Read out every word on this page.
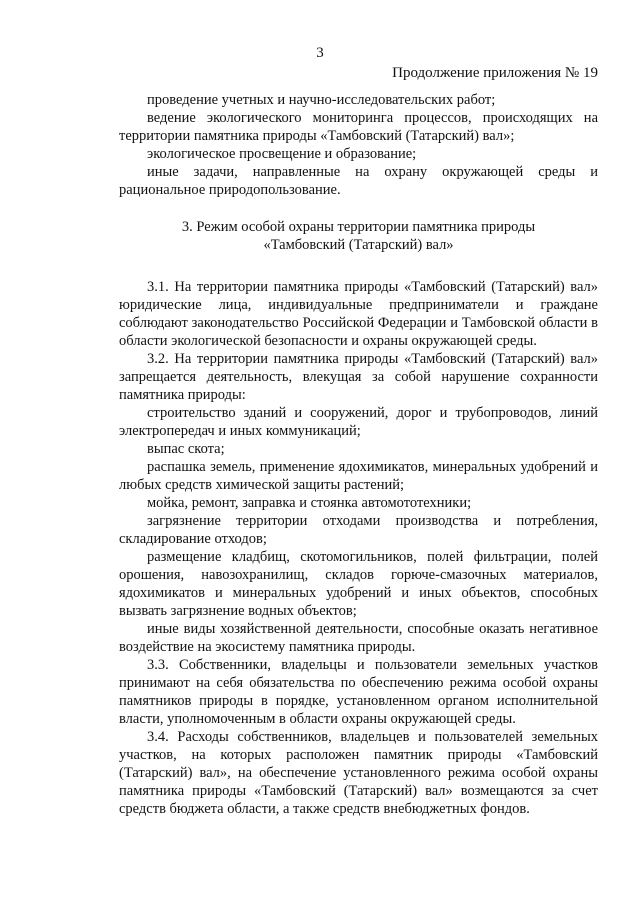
3
Продолжение приложения № 19

проведение учетных и научно-исследовательских работ;

ведение экологического мониторинга процессов, происходящих на территории памятника природы «Тамбовский (Татарский) вал»;

экологическое просвещение и образование;

иные задачи, направленные на охрану окружающей среды и рациональное природопользование.

3. Режим особой охраны территории памятника природы
«Тамбовский (Татарский) вал»

3.1. На территории памятника природы «Тамбовский (Татарский) вал» юридические лица, индивидуальные предприниматели и граждане соблюдают законодательство Российской Федерации и Тамбовской области в области экологической безопасности и охраны окружающей среды.

3.2. На территории памятника природы «Тамбовский (Татарский) вал» запрещается деятельность, влекущая за собой нарушение сохранности памятника природы:

строительство зданий и сооружений, дорог и трубопроводов, линий электропередач и иных коммуникаций;

выпас скота;

распашка земель, применение ядохимикатов, минеральных удобрений и любых средств химической защиты растений;

мойка, ремонт, заправка и стоянка автомототехники;

загрязнение территории отходами производства и потребления, складирование отходов;

размещение кладбищ, скотомогильников, полей фильтрации, полей орошения, навозохранилищ, складов горюче-смазочных материалов, ядохимикатов и минеральных удобрений и иных объектов, способных вызвать загрязнение водных объектов;

иные виды хозяйственной деятельности, способные оказать негативное воздействие на экосистему памятника природы.

3.3. Собственники, владельцы и пользователи земельных участков принимают на себя обязательства по обеспечению режима особой охраны памятников природы в порядке, установленном органом исполнительной власти, уполномоченным в области охраны окружающей среды.

3.4. Расходы собственников, владельцев и пользователей земельных участков, на которых расположен памятник природы «Тамбовский (Татарский) вал», на обеспечение установленного режима особой охраны памятника природы «Тамбовский (Татарский) вал» возмещаются за счет средств бюджета области, а также средств внебюджетных фондов.
